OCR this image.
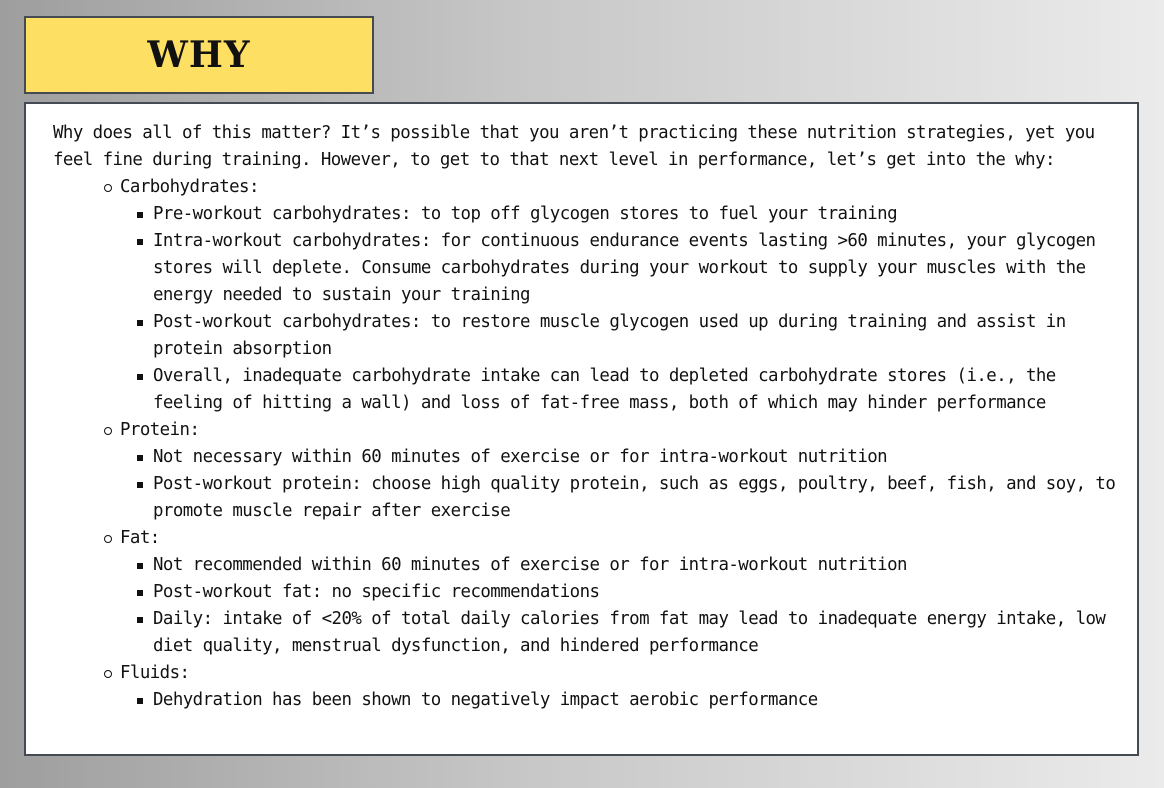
WHY

Why does all of this matter? It’s possible that you aren’t practicing these nutrition strategies, yet you feel fine during training. However, to get to that next level in performance, let’s get into the why:

Carbohydrates:
Pre-workout carbohydrates: to top off glycogen stores to fuel your training
Intra-workout carbohydrates: for continuous endurance events lasting >60 minutes, your glycogen stores will deplete. Consume carbohydrates during your workout to supply your muscles with the energy needed to sustain your training
Post-workout carbohydrates: to restore muscle glycogen used up during training and assist in protein absorption
Overall, inadequate carbohydrate intake can lead to depleted carbohydrate stores (i.e., the feeling of hitting a wall) and loss of fat-free mass, both of which may hinder performance
Protein:
Not necessary within 60 minutes of exercise or for intra-workout nutrition
Post-workout protein: choose high quality protein, such as eggs, poultry, beef, fish, and soy, to promote muscle repair after exercise
Fat:
Not recommended within 60 minutes of exercise or for intra-workout nutrition
Post-workout fat: no specific recommendations
Daily: intake of <20% of total daily calories from fat may lead to inadequate energy intake, low diet quality, menstrual dysfunction, and hindered performance
Fluids:
Dehydration has been shown to negatively impact aerobic performance
